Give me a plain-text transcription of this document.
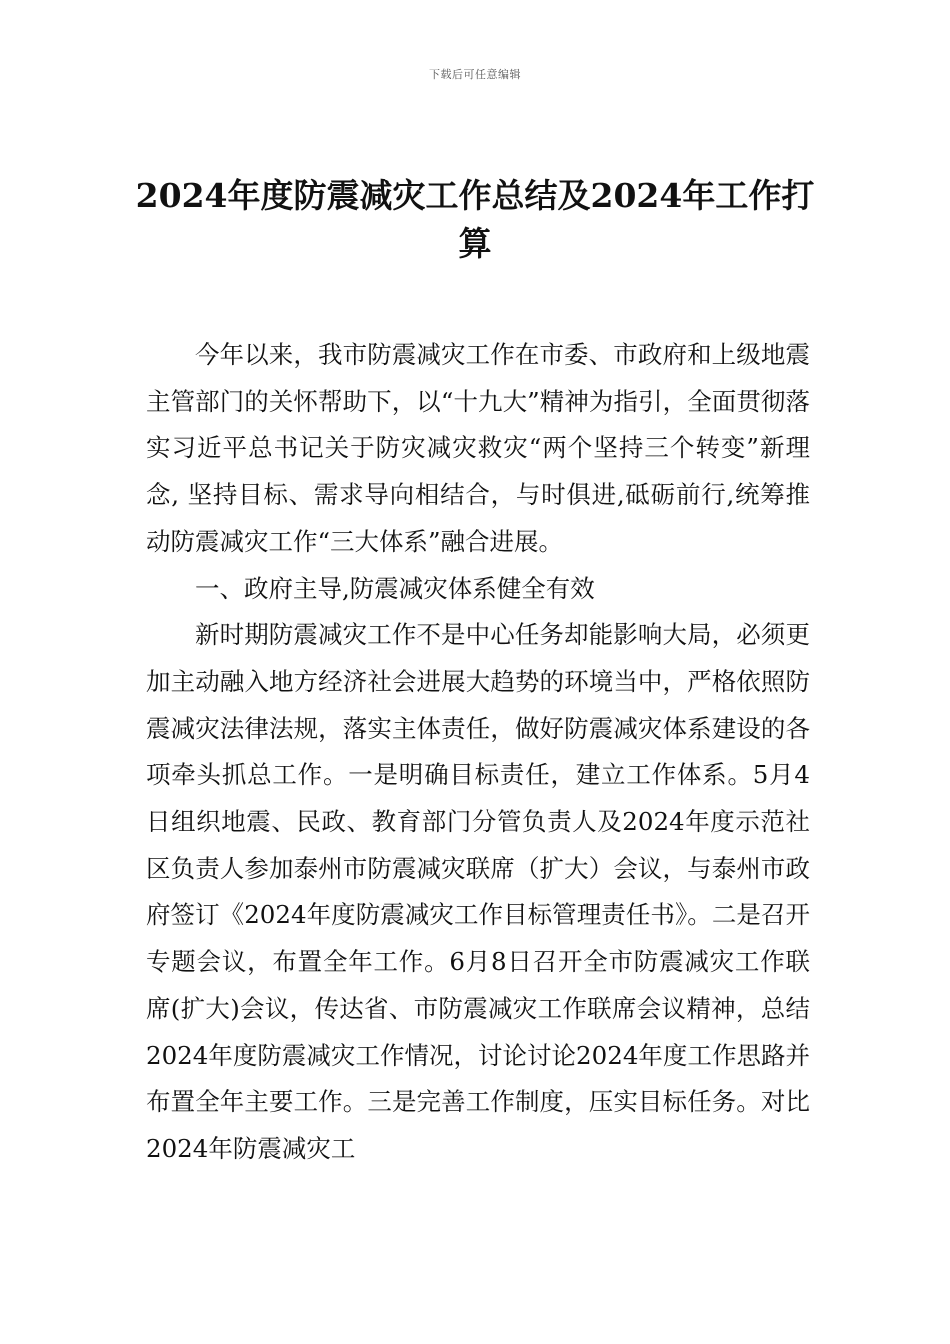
下载后可任意编辑
2024年度防震减灾工作总结及2024年工作打算

今年以来，我市防震减灾工作在市委、市政府和上级地震主管部门的关怀帮助下，以“十九大”精神为指引，全面贯彻落实习近平总书记关于防灾减灾救灾“两个坚持三个转变”新理念, 坚持目标、需求导向相结合，与时俱进,砥砺前行,统筹推动防震减灾工作“三大体系”融合进展。

一、政府主导,防震减灾体系健全有效

新时期防震减灾工作不是中心任务却能影响大局，必须更加主动融入地方经济社会进展大趋势的环境当中，严格依照防震减灾法律法规，落实主体责任，做好防震减灾体系建设的各项牵头抓总工作。一是明确目标责任，建立工作体系。5月4日组织地震、民政、教育部门分管负责人及2024年度示范社区负责人参加泰州市防震减灾联席（扩大）会议，与泰州市政府签订《2024年度防震减灾工作目标管理责任书》。二是召开专题会议，布置全年工作。6月8日召开全市防震减灾工作联席(扩大)会议，传达省、市防震减灾工作联席会议精神，总结2024年度防震减灾工作情况，讨论讨论2024年度工作思路并布置全年主要工作。三是完善工作制度，压实目标任务。对比2024年防震减灾工
